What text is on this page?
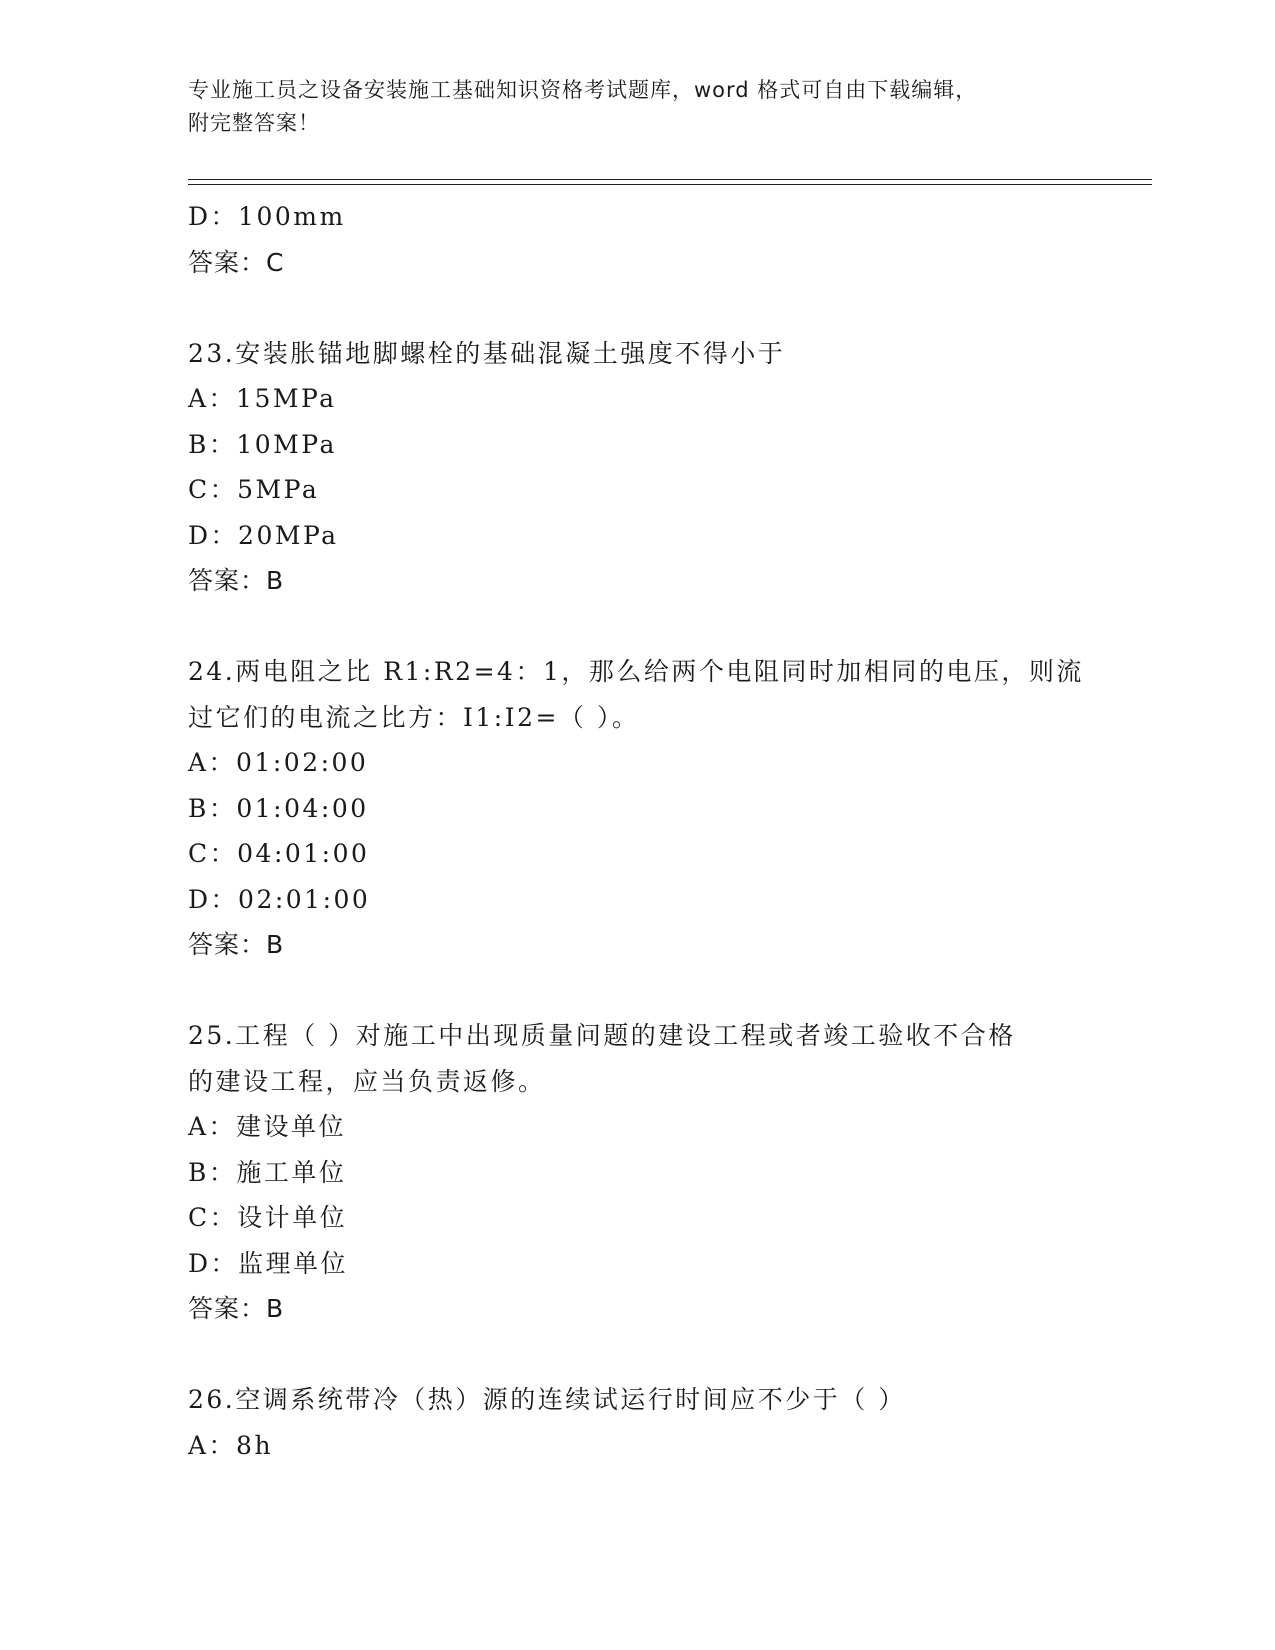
专业施工员之设备安装施工基础知识资格考试题库，word 格式可自由下载编辑，
附完整答案！
D：100mm
答案：C
23.安装胀锚地脚螺栓的基础混凝土强度不得小于
A：15MPa
B：10MPa
C：5MPa
D：20MPa
答案：B
24.两电阻之比 R1:R2=4：1，那么给两个电阻同时加相同的电压，则流
过它们的电流之比方：I1:I2=（ ）。
A：01:02:00
B：01:04:00
C：04:01:00
D：02:01:00
答案：B
25.工程（ ）对施工中出现质量问题的建设工程或者竣工验收不合格
的建设工程，应当负责返修。
A：建设单位
B：施工单位
C：设计单位
D：监理单位
答案：B
26.空调系统带冷（热）源的连续试运行时间应不少于（ ）
A：8h
